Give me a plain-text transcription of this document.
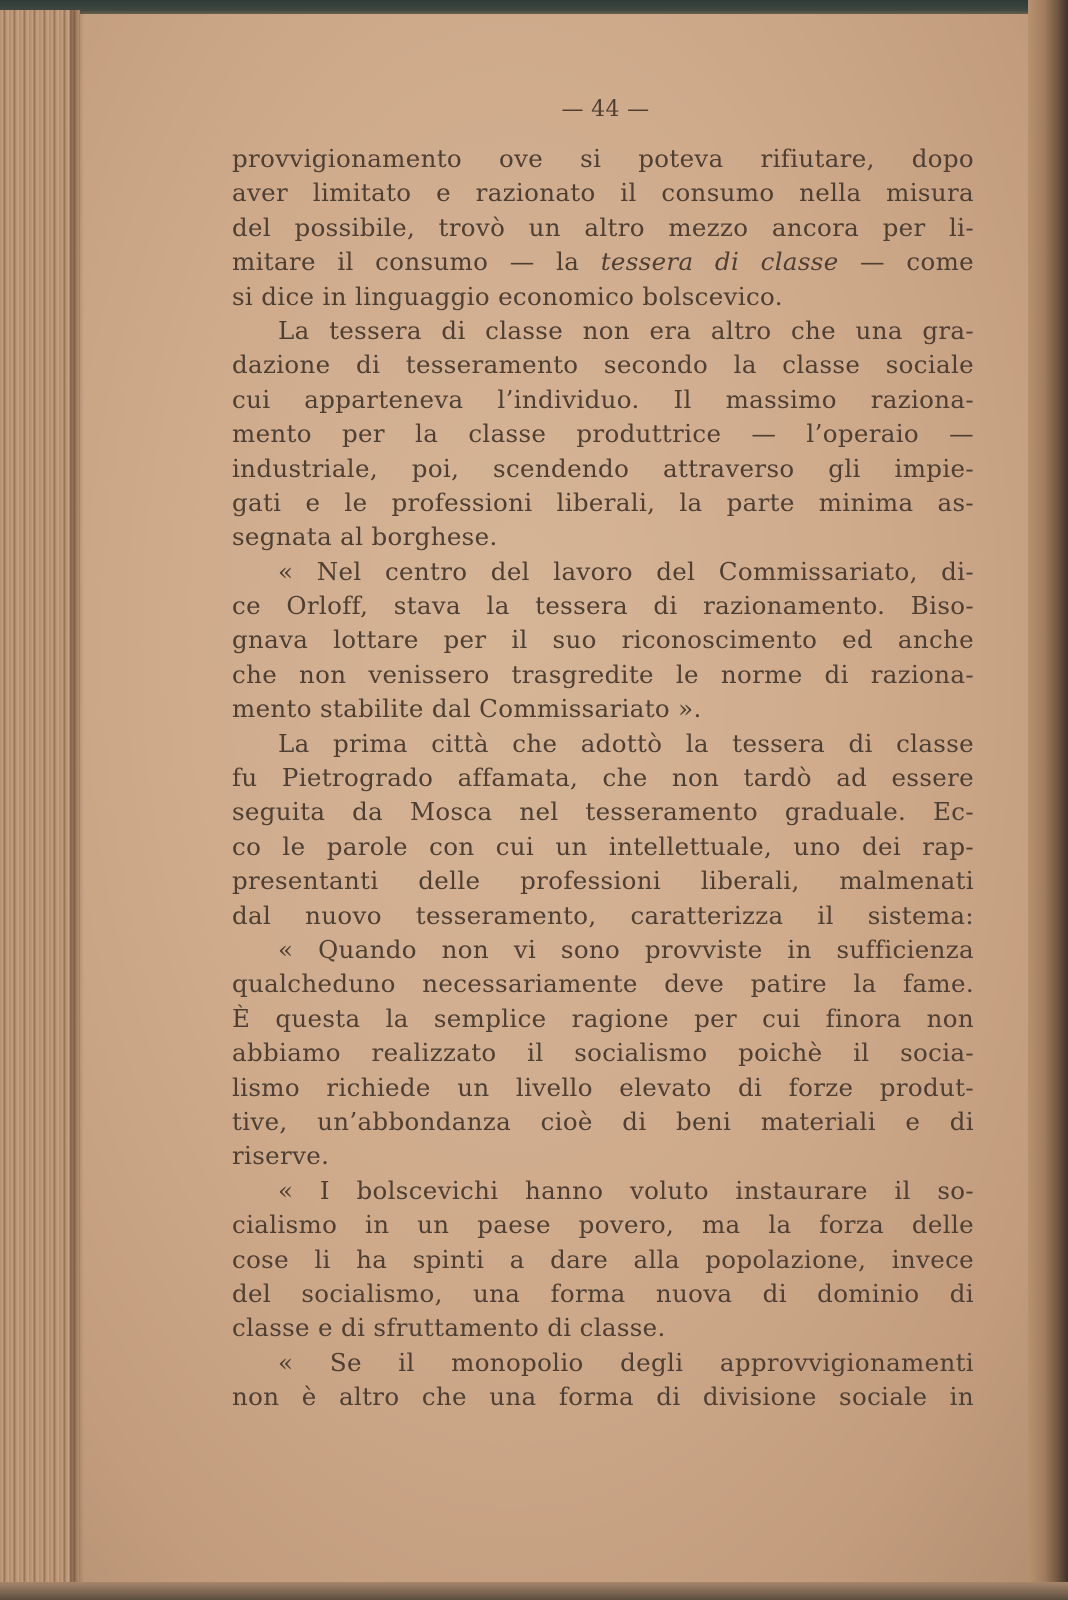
— 44 —
provvigionamento ove si poteva rifiutare, dopo
aver limitato e razionato il consumo nella misura
del possibile, trovò un altro mezzo ancora per li-
mitare il consumo — la tessera di classe — come
si dice in linguaggio economico bolscevico.
La tessera di classe non era altro che una gra-
dazione di tesseramento secondo la classe sociale
cui apparteneva l’individuo. Il massimo raziona-
mento per la classe produttrice — l’operaio —
industriale, poi, scendendo attraverso gli impie-
gati e le professioni liberali, la parte minima as-
segnata al borghese.
« Nel centro del lavoro del Commissariato, di-
ce Orloff, stava la tessera di razionamento. Biso-
gnava lottare per il suo riconoscimento ed anche
che non venissero trasgredite le norme di raziona-
mento stabilite dal Commissariato ».
La prima città che adottò la tessera di classe
fu Pietrogrado affamata, che non tardò ad essere
seguita da Mosca nel tesseramento graduale. Ec-
co le parole con cui un intellettuale, uno dei rap-
presentanti delle professioni liberali, malmenati
dal nuovo tesseramento, caratterizza il sistema:
« Quando non vi sono provviste in sufficienza
qualcheduno necessariamente deve patire la fame.
È questa la semplice ragione per cui finora non
abbiamo realizzato il socialismo poichè il socia-
lismo richiede un livello elevato di forze produt-
tive, un’abbondanza cioè di beni materiali e di
riserve.
« I bolscevichi hanno voluto instaurare il so-
cialismo in un paese povero, ma la forza delle
cose li ha spinti a dare alla popolazione, invece
del socialismo, una forma nuova di dominio di
classe e di sfruttamento di classe.
« Se il monopolio degli approvvigionamenti
non è altro che una forma di divisione sociale in
